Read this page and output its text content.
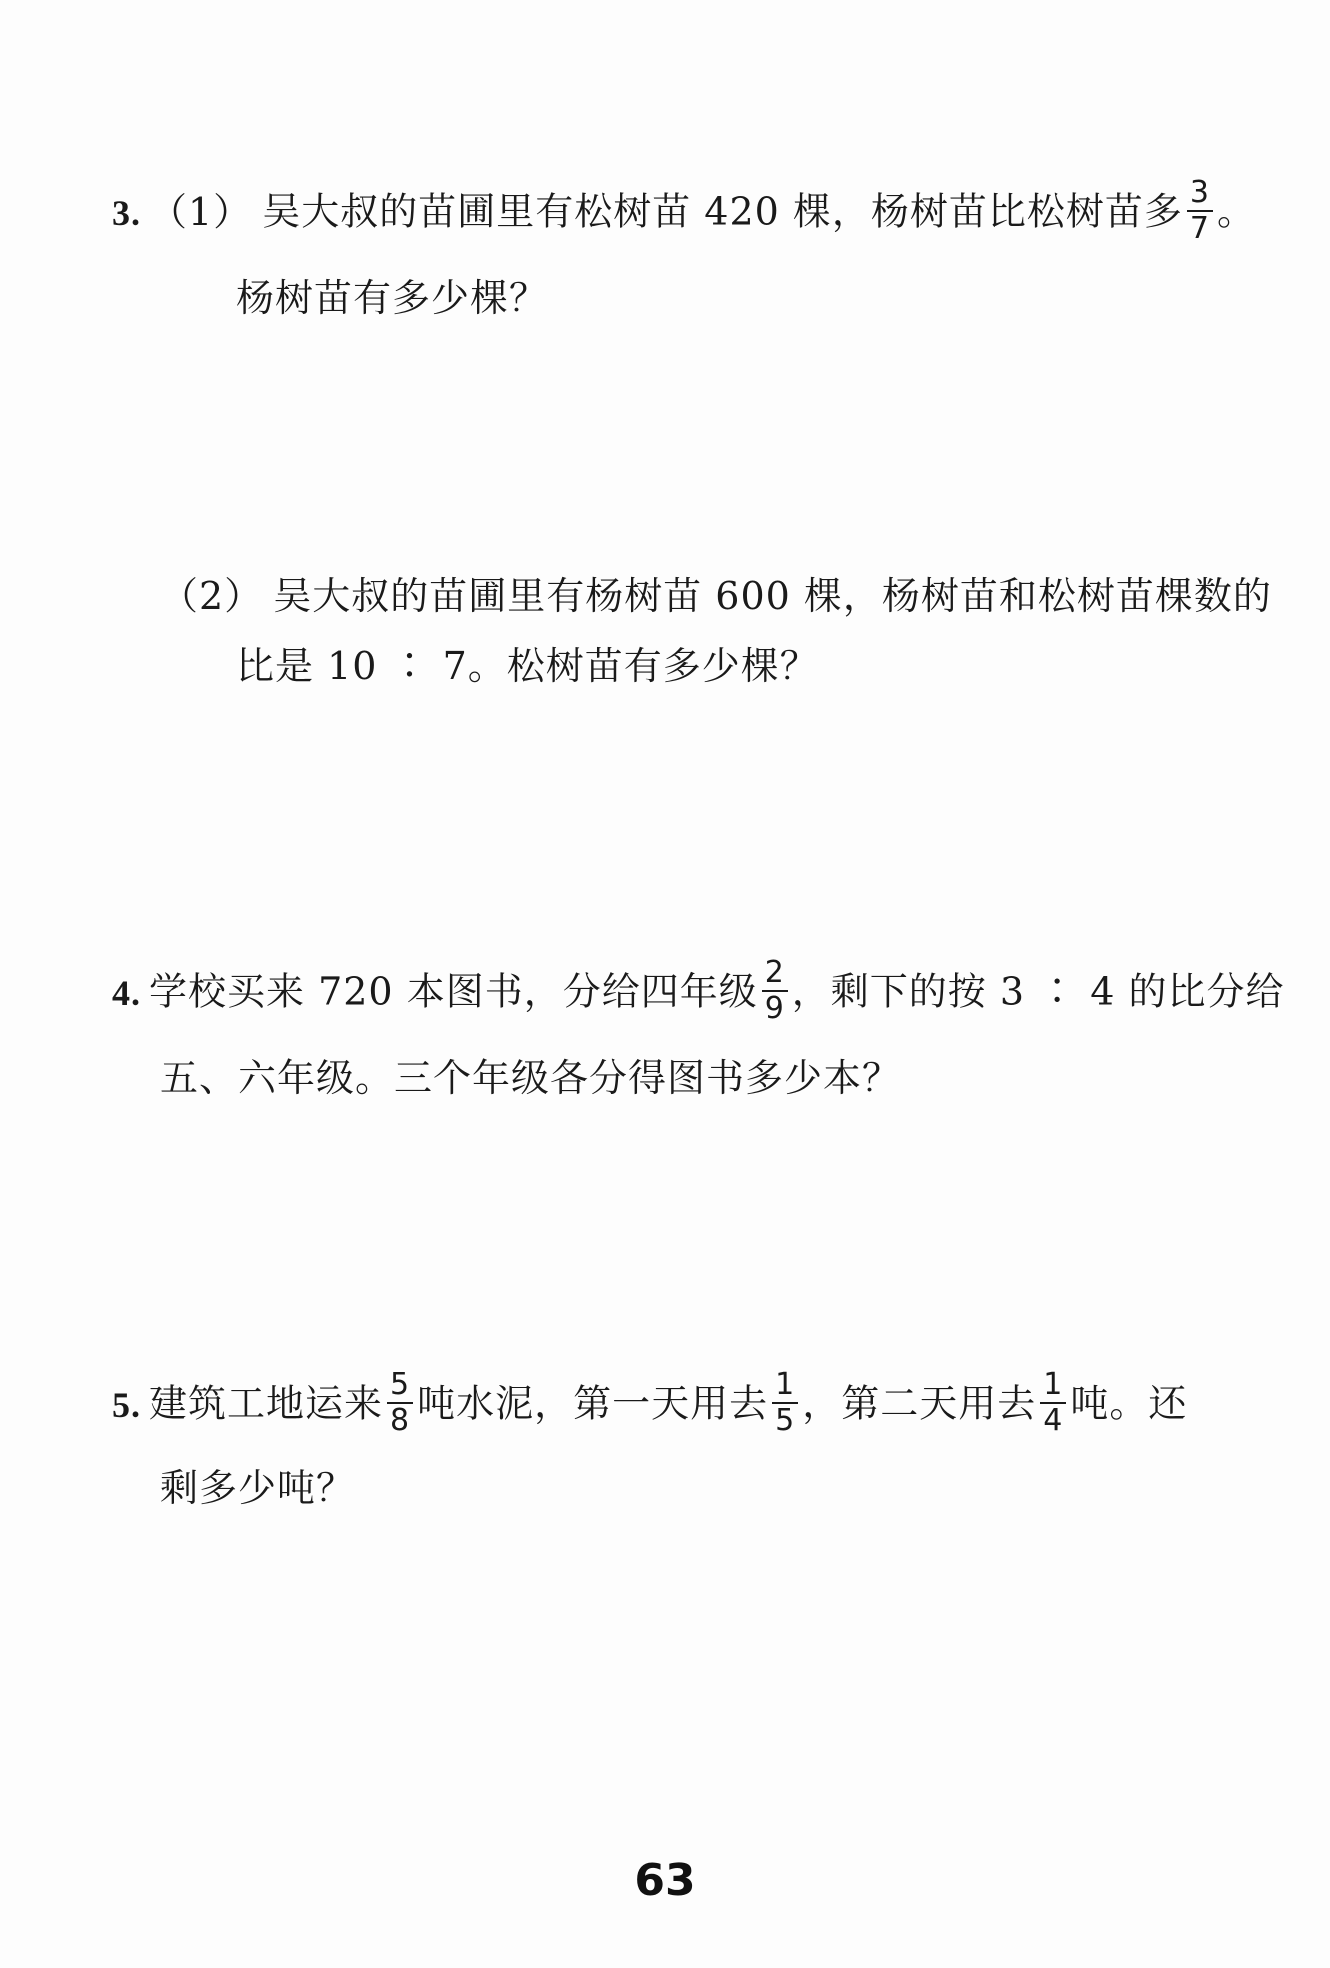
3. （1） 吴大叔的苗圃里有松树苗 420 棵，杨树苗比松树苗多 $\frac{3}{7}$ 。
杨树苗有多少棵？
（2） 吴大叔的苗圃里有杨树苗 600 棵，杨树苗和松树苗棵数的
比是 10 ∶ 7。松树苗有多少棵？
4. 学校买来 720 本图书，分给四年级 $\frac{2}{9}$ ，剩下的按 3 ∶ 4 的比分给
五、六年级。三个年级各分得图书多少本？
5. 建筑工地运来 $\frac{5}{8}$ 吨水泥，第一天用去 $\frac{1}{5}$ ，第二天用去 $\frac{1}{4}$ 吨。还
剩多少吨？
63
